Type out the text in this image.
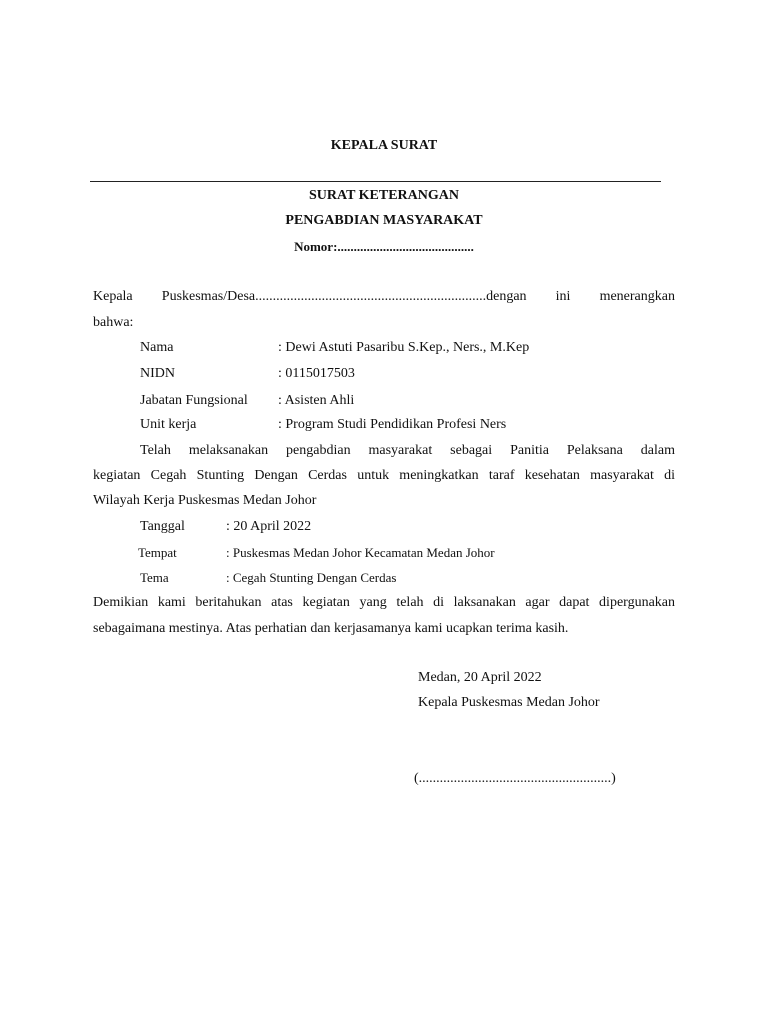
KEPALA SURAT
SURAT KETERANGAN
PENGABDIAN MASYARAKAT
Nomor:..........................................
Kepala Puskesmas/Desa..................................................................dengan ini menerangkan
bahwa:
Nama	: Dewi Astuti Pasaribu S.Kep., Ners., M.Kep
NIDN	: 0115017503
Jabatan Fungsional : Asisten Ahli
Unit kerja	: Program Studi Pendidikan Profesi Ners
Telah melaksanakan pengabdian masyarakat sebagai Panitia Pelaksana dalam
kegiatan Cegah Stunting Dengan Cerdas untuk meningkatkan taraf kesehatan masyarakat di
Wilayah Kerja Puskesmas Medan Johor
Tanggal	: 20 April 2022
Tempat	: Puskesmas Medan Johor Kecamatan Medan Johor
Tema	: Cegah Stunting Dengan Cerdas
Demikian kami beritahukan atas kegiatan yang telah di laksanakan agar dapat dipergunakan
sebagaimana mestinya. Atas perhatian dan kerjasamanya kami ucapkan terima kasih.
Medan, 20 April 2022
Kepala Puskesmas Medan Johor
(.......................................................)
